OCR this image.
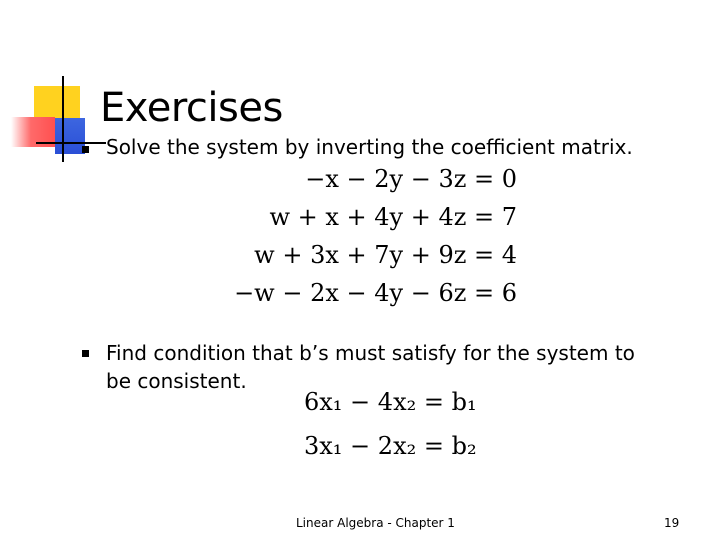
Exercises
Solve the system by inverting the coefficient matrix.
−x − 2y − 3z = 0
w + x + 4y + 4z = 7
w + 3x + 7y + 9z = 4
−w − 2x − 4y − 6z = 6
Find condition that b’s must satisfy for the system to
be consistent.
6x₁ − 4x₂ = b₁
3x₁ − 2x₂ = b₂
Linear Algebra - Chapter 1	19
